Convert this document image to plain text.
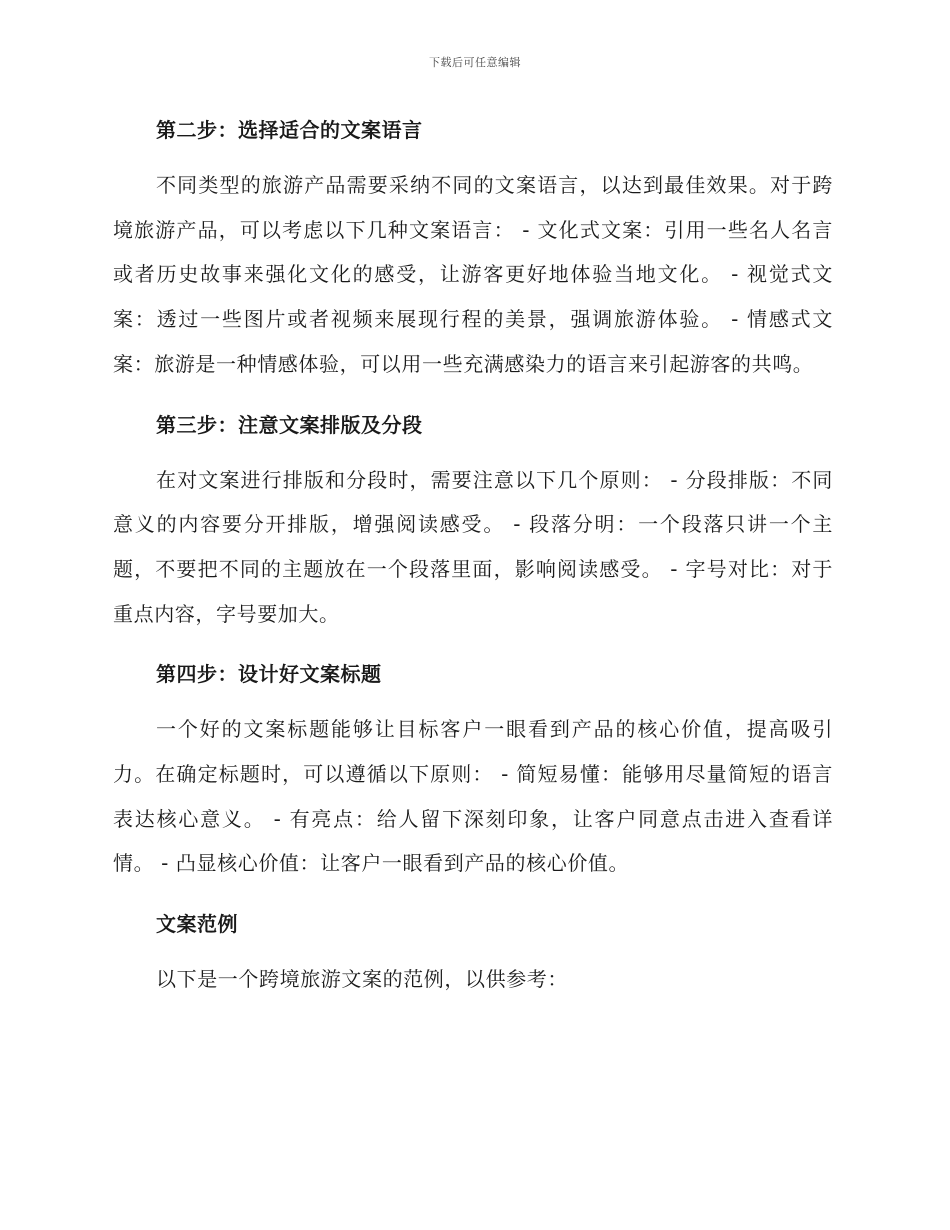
下载后可任意编辑
第二步：选择适合的文案语言

不同类型的旅游产品需要采纳不同的文案语言，以达到最佳效果。对于跨境旅游产品，可以考虑以下几种文案语言： - 文化式文案：引用一些名人名言或者历史故事来强化文化的感受，让游客更好地体验当地文化。 - 视觉式文案：透过一些图片或者视频来展现行程的美景，强调旅游体验。 - 情感式文案：旅游是一种情感体验，可以用一些充满感染力的语言来引起游客的共鸣。

第三步：注意文案排版及分段

在对文案进行排版和分段时，需要注意以下几个原则： - 分段排版：不同意义的内容要分开排版，增强阅读感受。 - 段落分明：一个段落只讲一个主题，不要把不同的主题放在一个段落里面，影响阅读感受。 - 字号对比：对于重点内容，字号要加大。

第四步：设计好文案标题

一个好的文案标题能够让目标客户一眼看到产品的核心价值，提高吸引力。在确定标题时，可以遵循以下原则： - 简短易懂：能够用尽量简短的语言表达核心意义。 - 有亮点：给人留下深刻印象，让客户同意点击进入查看详情。 - 凸显核心价值：让客户一眼看到产品的核心价值。

文案范例

以下是一个跨境旅游文案的范例，以供参考：
